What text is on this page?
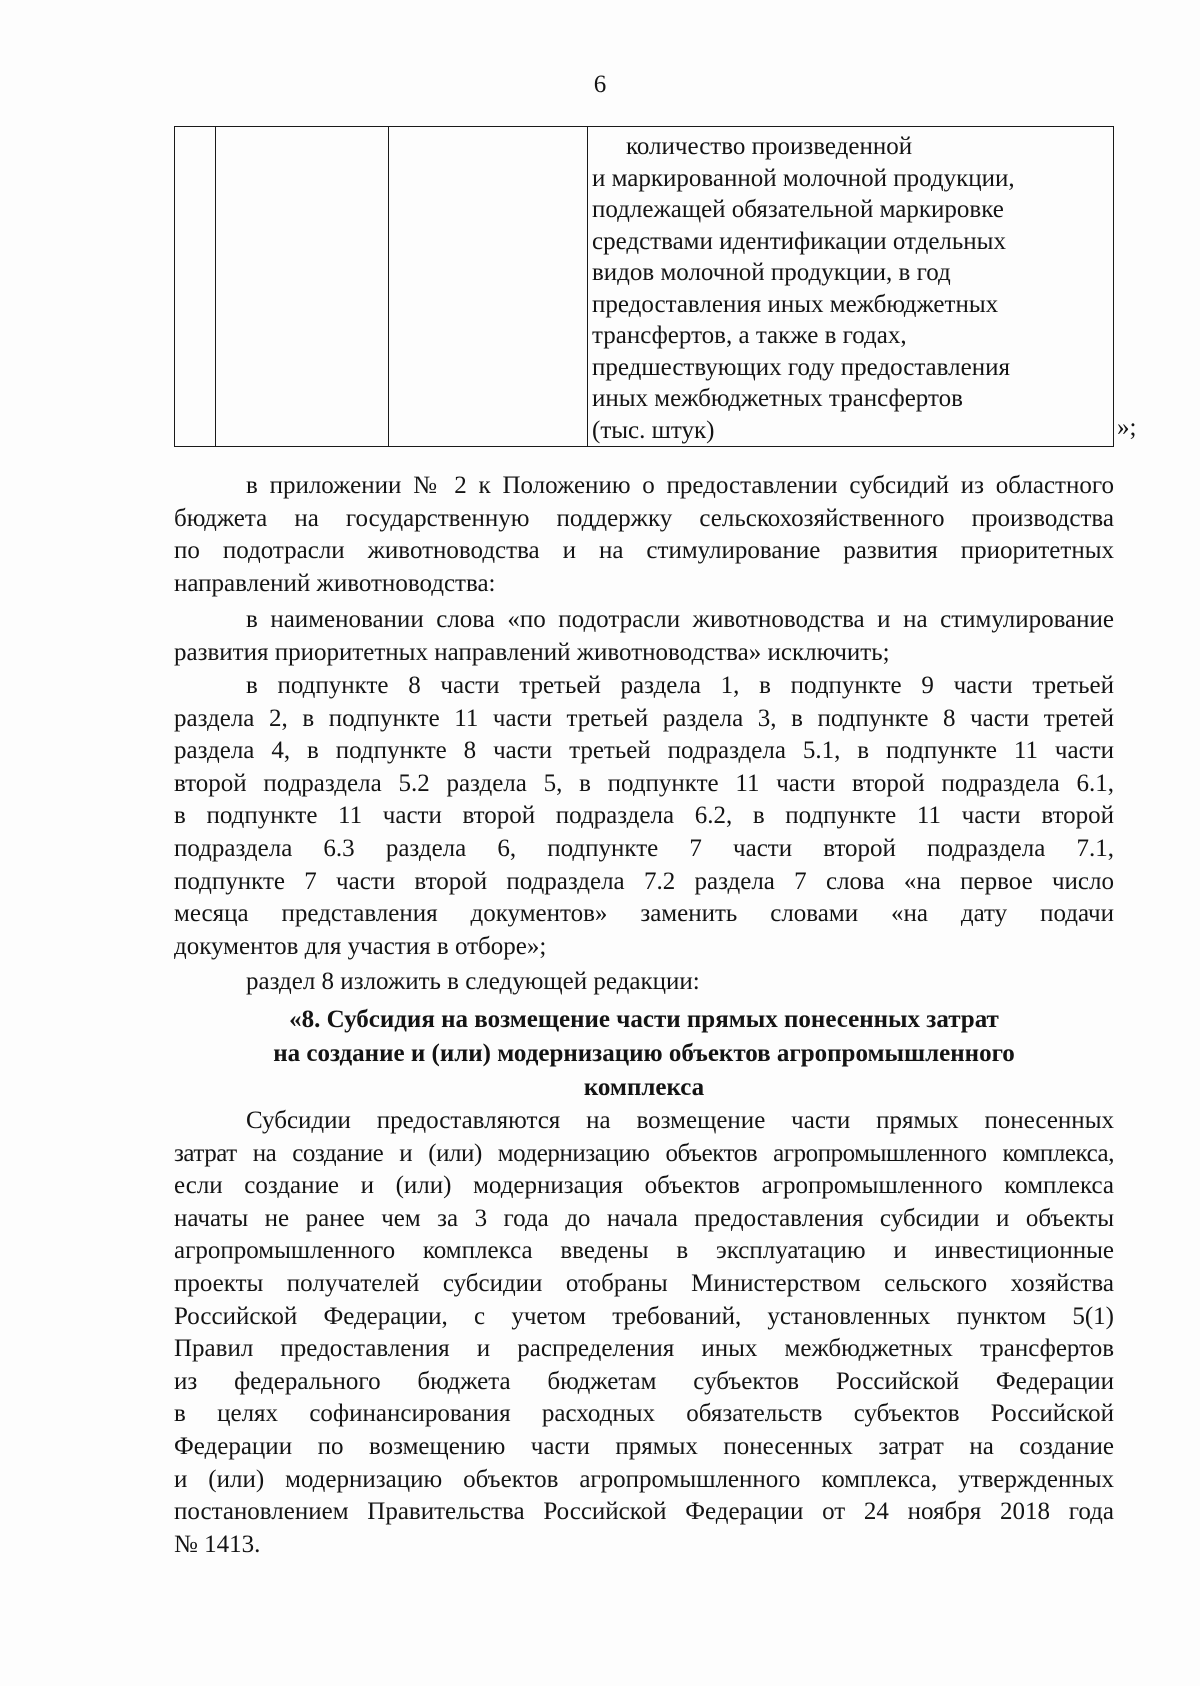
6

количество произведенной
и маркированной молочной продукции,
подлежащей обязательной маркировке
средствами идентификации отдельных
видов молочной продукции, в год
предоставления иных межбюджетных
трансфертов, а также в годах,
предшествующих году предоставления
иных межбюджетных трансфертов
(тыс. штук)	»;
в приложении № 2 к Положению о предоставлении субсидий из областного
бюджета на государственную поддержку сельскохозяйственного производства
по подотрасли животноводства и на стимулирование развития приоритетных
направлений животноводства:
в наименовании слова «по подотрасли животноводства и на стимулирование
развития приоритетных направлений животноводства» исключить;
в подпункте 8 части третьей раздела 1, в подпункте 9 части третьей
раздела 2, в подпункте 11 части третьей раздела 3, в подпункте 8 части третей
раздела 4, в подпункте 8 части третьей подраздела 5.1, в подпункте 11 части
второй подраздела 5.2 раздела 5, в подпункте 11 части второй подраздела 6.1,
в подпункте 11 части второй подраздела 6.2, в подпункте 11 части второй
подраздела 6.3 раздела 6, подпункте 7 части второй подраздела 7.1,
подпункте 7 части второй подраздела 7.2 раздела 7 слова «на первое число
месяца представления документов» заменить словами «на дату подачи
документов для участия в отборе»;
раздел 8 изложить в следующей редакции:
«8. Субсидия на возмещение части прямых понесенных затрат
на создание и (или) модернизацию объектов агропромышленного
комплекса
Субсидии предоставляются на возмещение части прямых понесенных
затрат на создание и (или) модернизацию объектов агропромышленного комплекса,
если создание и (или) модернизация объектов агропромышленного комплекса
начаты не ранее чем за 3 года до начала предоставления субсидии и объекты
агропромышленного комплекса введены в эксплуатацию и инвестиционные
проекты получателей субсидии отобраны Министерством сельского хозяйства
Российской Федерации, с учетом требований, установленных пунктом 5(1)
Правил предоставления и распределения иных межбюджетных трансфертов
из федерального бюджета бюджетам субъектов Российской Федерации
в целях софинансирования расходных обязательств субъектов Российской
Федерации по возмещению части прямых понесенных затрат на создание
и (или) модернизацию объектов агропромышленного комплекса, утвержденных
постановлением Правительства Российской Федерации от 24 ноября 2018 года
№ 1413.
